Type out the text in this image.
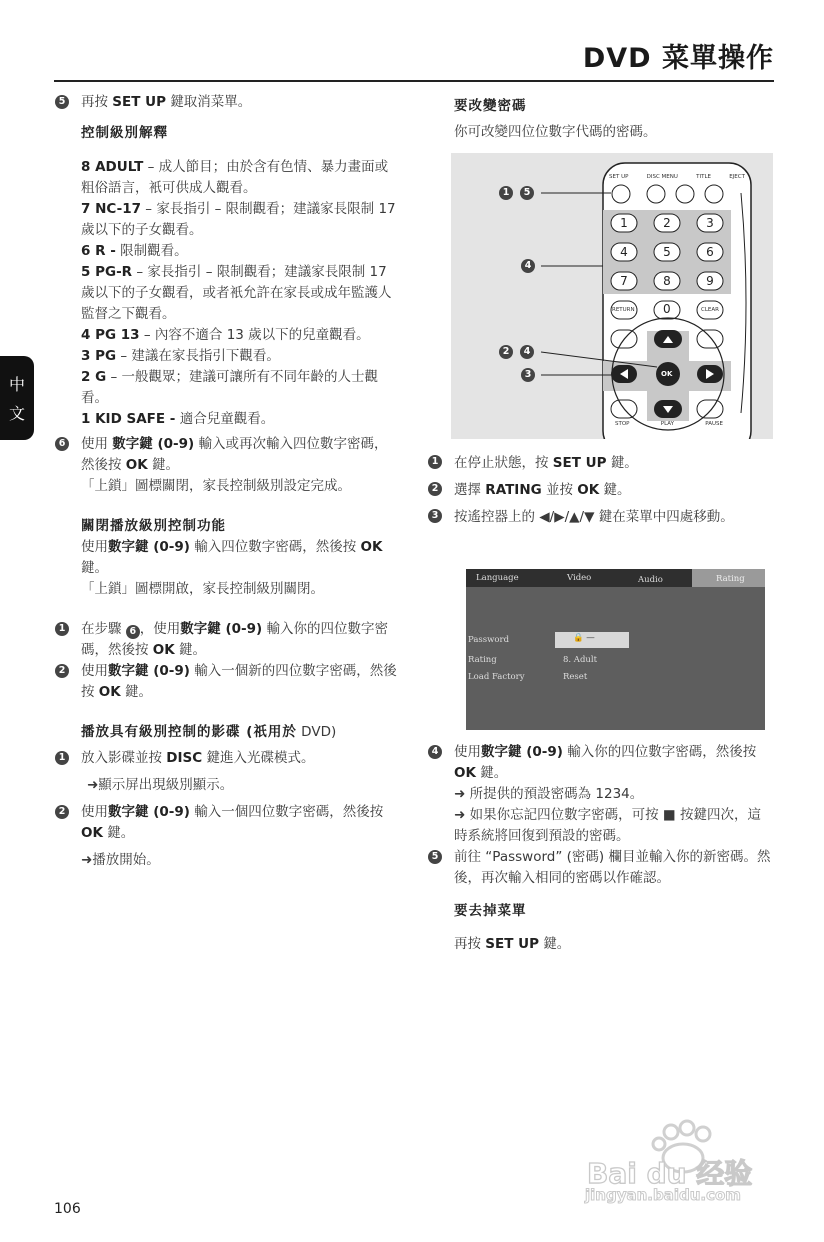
DVD 菜單操作
中
文
5 再按 SET UP 鍵取消菜單。

控制級別解釋

8 ADULT – 成人節目；由於含有色情、暴力畫面或粗俗語言，衹可供成人觀看。

7 NC-17 – 家長指引 – 限制觀看；建議家長限制 17 歲以下的子女觀看。

6 R - 限制觀看。

5 PG-R – 家長指引 – 限制觀看；建議家長限制 17 歲以下的子女觀看，或者衹允許在家長或成年監護人監督之下觀看。

4 PG 13 – 內容不適合 13 歲以下的兒童觀看。

3 PG – 建議在家長指引下觀看。

2 G – 一般觀眾；建議可讓所有不同年齡的人士觀看。

1 KID SAFE - 適合兒童觀看。

6 使用 數字鍵 (0-9) 輸入或再次輸入四位數字密碼，然後按 OK 鍵。

「上鎖」圖標關閉，家長控制級別設定完成。

關閉播放級別控制功能

使用數字鍵 (0-9) 輸入四位數字密碼，然後按 OK 鍵。

「上鎖」圖標開啟，家長控制級別關閉。

1 在步驟 6 ，使用數字鍵 (0-9) 輸入你的四位數字密碼，然後按 OK 鍵。
2 使用數字鍵 (0-9) 輸入一個新的四位數字密碼，然後按 OK 鍵。

播放具有級別控制的影碟 (祇用於 DVD)

1 放入影碟並按 DISC 鍵進入光碟模式。

➜顯示屏出現級別顯示。

2 使用數字鍵 (0-9) 輸入一個四位數字密碼，然後按 OK 鍵。

➜播放開始。

要改變密碼

你可改變四位位數字代碼的密碼。

SET UP	DISC MENU	TITLE	EJECT
1	2	3
4	5	6
7	8	9
RETURN 0	CLEAR
OK
STOP	PLAY	PAUSE
1	5
4
2	4
3
1 在停止狀態，按 SET UP 鍵。
2 選擇 RATING 並按 OK 鍵。
3 按遙控器上的 ◀/▶/▲/▼ 鍵在菜單中四處移動。
Language	Video	Audio	Rating
Password	🔒 —
Rating	8. Adult
Load Factory	Reset
4 使用數字鍵 (0-9) 輸入你的四位數字密碼，然後按 OK 鍵。

➜ 所提供的預設密碼為 1234。

➜ 如果你忘記四位數字密碼，可按 ■ 按鍵四次，這時系統將回復到預設的密碼。

5 前往 “Password” (密碼) 欄目並輸入你的新密碼。然後，再次輸入相同的密碼以作確認。

要去掉菜單

再按 SET UP 鍵。

106
Bai du 经验
jingyan.baidu.com
